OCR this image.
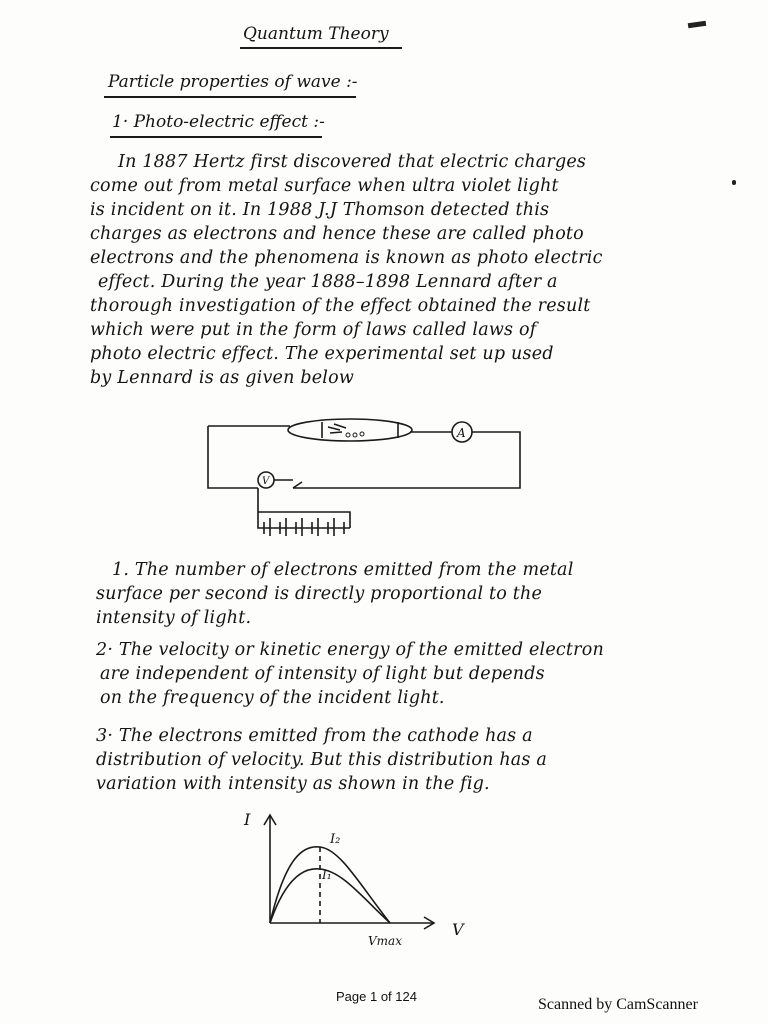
Quantum Theory
Particle properties of wave :-
1· Photo-electric effect :-
In 1887 Hertz first discovered that electric charges
come out from metal surface when ultra violet light
is incident on it. In 1988 J.J Thomson detected this
charges as electrons and hence these are called photo
electrons and the phenomena is known as photo electric
effect. During the year 1888–1898 Lennard after a
thorough investigation of the effect obtained the result
which were put in the form of laws called laws of
photo electric effect. The experimental set up used
by Lennard is as given below
A
V
1. The number of electrons emitted from the metal
surface per second is directly proportional to the
intensity of light.
2· The velocity or kinetic energy of the emitted electron
are independent of intensity of light but depends
on the frequency of the incident light.
3· The electrons emitted from the cathode has a
distribution of velocity. But this distribution has a
variation with intensity as shown in the fig.
I
V
I₂
I₁
Vmax
Page 1 of 124	Scanned by CamScanner
